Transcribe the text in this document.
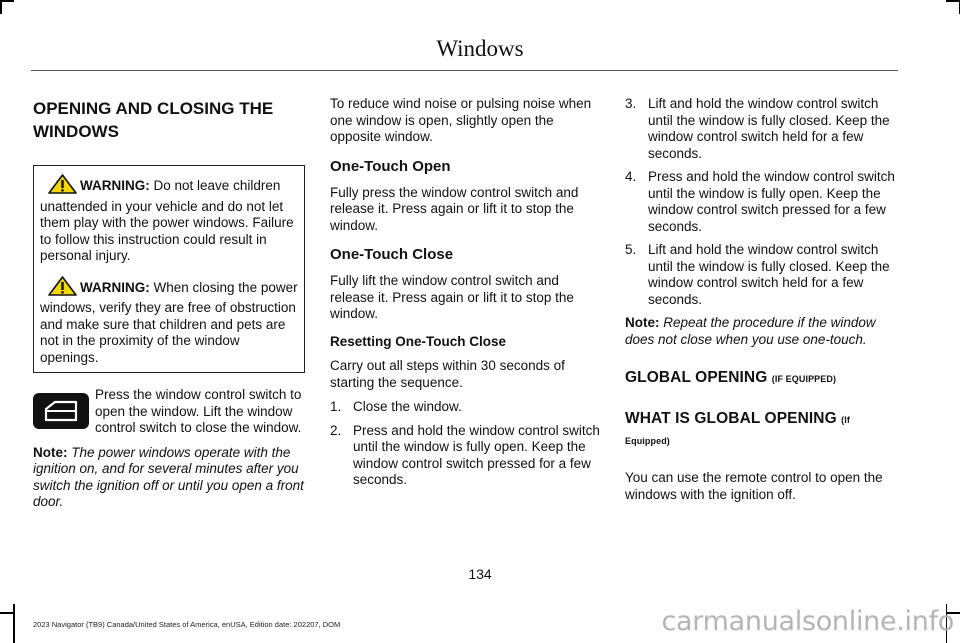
Windows
OPENING AND CLOSING THE
WINDOWS
WARNING: Do not leave children unattended in your vehicle and do not let them play with the power windows. Failure to follow this instruction could result in personal injury.
WARNING: When closing the power windows, verify they are free of obstruction and make sure that children and pets are not in the proximity of the window openings.
Press the window control switch to open the window. Lift the window control switch to close the window.

Note: The power windows operate with the ignition on, and for several minutes after you switch the ignition off or until you open a front door.

To reduce wind noise or pulsing noise when one window is open, slightly open the opposite window.

One-Touch Open

Fully press the window control switch and release it. Press again or lift it to stop the window.

One-Touch Close

Fully lift the window control switch and release it. Press again or lift it to stop the window.

Resetting One-Touch Close

Carry out all steps within 30 seconds of starting the sequence.

1. Close the window.
2. Press and hold the window control switch until the window is fully open. Keep the window control switch pressed for a few seconds.
3. Lift and hold the window control switch until the window is fully closed. Keep the window control switch held for a few seconds.
4. Press and hold the window control switch until the window is fully open. Keep the window control switch pressed for a few seconds.
5. Lift and hold the window control switch until the window is fully closed. Keep the window control switch held for a few seconds.

Note: Repeat the procedure if the window does not close when you use one-touch.

GLOBAL OPENING (IF EQUIPPED)
WHAT IS GLOBAL OPENING (If Equipped)

You can use the remote control to open the windows with the ignition off.

134
2023 Navigator (TB9) Canada/United States of America, enUSA, Edition date: 202207, DOM	carmanualsonline.info
